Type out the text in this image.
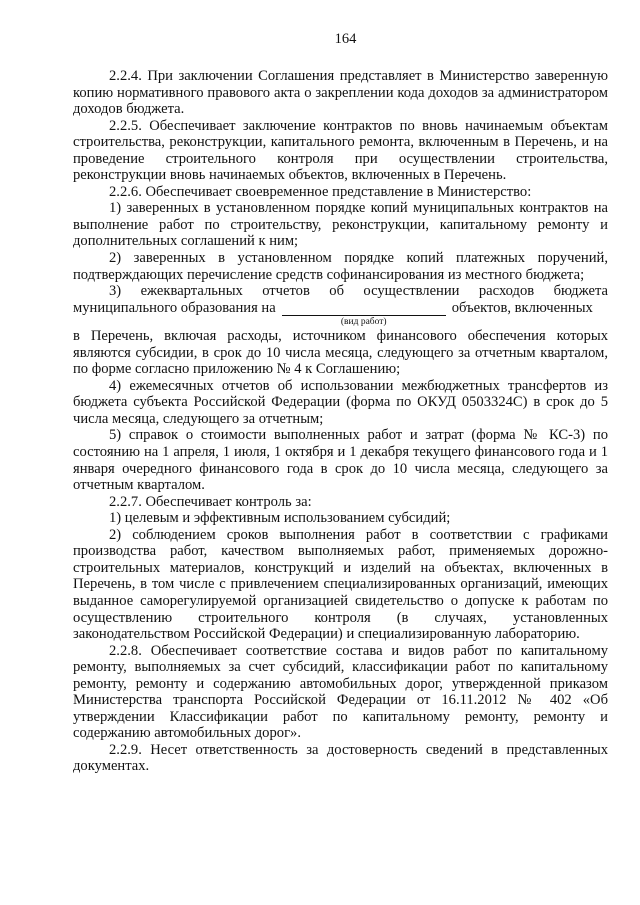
164

2.2.4. При заключении Соглашения представляет в Министерство заверенную копию нормативного правового акта о закреплении кода доходов за администратором доходов бюджета.

2.2.5. Обеспечивает заключение контрактов по вновь начинаемым объектам строительства, реконструкции, капитального ремонта, включенным в Перечень, и на проведение строительного контроля при осуществлении строительства, реконструкции вновь начинаемых объектов, включенных в Перечень.

2.2.6. Обеспечивает своевременное представление в Министерство:

1) заверенных в установленном порядке копий муниципальных контрактов на выполнение работ по строительству, реконструкции, капитальному ремонту и дополнительных соглашений к ним;

2) заверенных в установленном порядке копий платежных поручений, подтверждающих перечисление средств софинансирования из местного бюджета;

3) ежеквартальных отчетов об осуществлении расходов бюджета

муниципального образования на
(вид работ)
объектов, включенных

в Перечень, включая расходы, источником финансового обеспечения которых являются субсидии, в срок до 10 числа месяца, следующего за отчетным кварталом, по форме согласно приложению № 4 к Соглашению;

4) ежемесячных отчетов об использовании межбюджетных трансфертов из бюджета субъекта Российской Федерации (форма по ОКУД 0503324С) в срок до 5 числа месяца, следующего за отчетным;

5) справок о стоимости выполненных работ и затрат (форма № КС-3) по состоянию на 1 апреля, 1 июля, 1 октября и 1 декабря текущего финансового года и 1 января очередного финансового года в срок до 10 числа месяца, следующего за отчетным кварталом.

2.2.7. Обеспечивает контроль за:

1) целевым и эффективным использованием субсидий;

2) соблюдением сроков выполнения работ в соответствии с графиками производства работ, качеством выполняемых работ, применяемых дорожно-строительных материалов, конструкций и изделий на объектах, включенных в Перечень, в том числе с привлечением специализированных организаций, имеющих выданное саморегулируемой организацией свидетельство о допуске к работам по осуществлению строительного контроля (в случаях, установленных законодательством Российской Федерации) и специализированную лабораторию.

2.2.8. Обеспечивает соответствие состава и видов работ по капитальному ремонту, выполняемых за счет субсидий, классификации работ по капитальному ремонту, ремонту и содержанию автомобильных дорог, утвержденной приказом Министерства транспорта Российской Федерации от 16.11.2012 № 402 «Об утверждении Классификации работ по капитальному ремонту, ремонту и содержанию автомобильных дорог».

2.2.9. Несет ответственность за достоверность сведений в представленных документах.
